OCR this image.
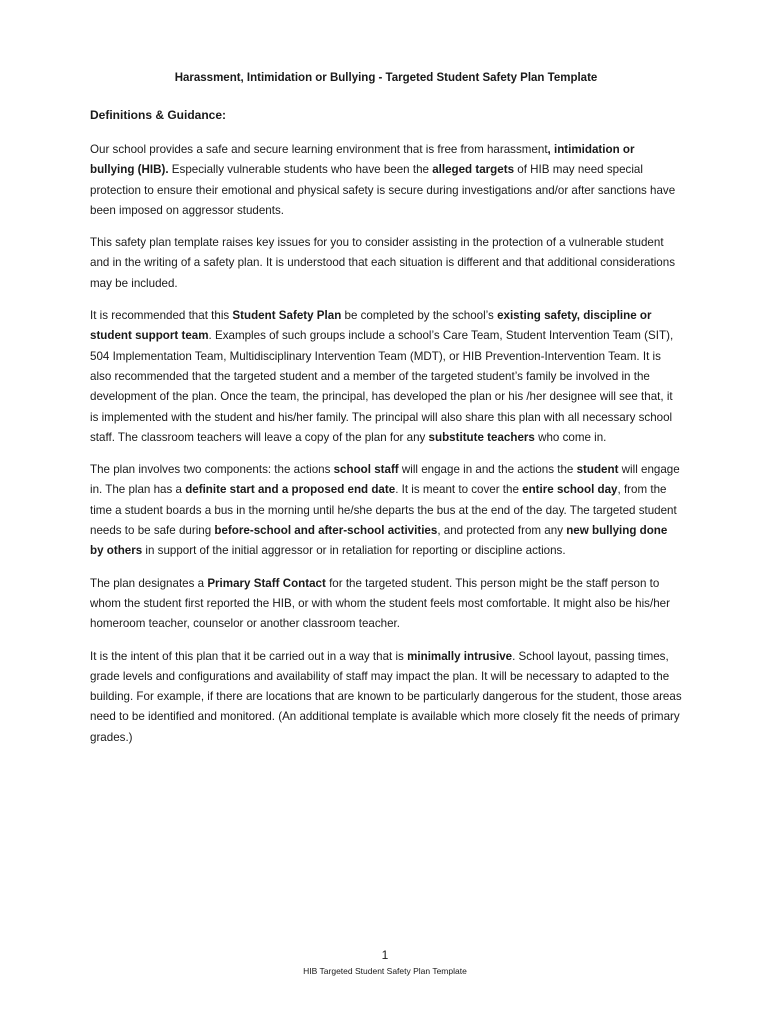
Harassment, Intimidation or Bullying - Targeted Student Safety Plan Template
Definitions & Guidance:

Our school provides a safe and secure learning environment that is free from harassment, intimidation or bullying (HIB). Especially vulnerable students who have been the alleged targets of HIB may need special protection to ensure their emotional and physical safety is secure during investigations and/or after sanctions have been imposed on aggressor students.

This safety plan template raises key issues for you to consider assisting in the protection of a vulnerable student and in the writing of a safety plan. It is understood that each situation is different and that additional considerations may be included.

It is recommended that this Student Safety Plan be completed by the school’s existing safety, discipline or student support team. Examples of such groups include a school’s Care Team, Student Intervention Team (SIT), 504 Implementation Team, Multidisciplinary Intervention Team (MDT), or HIB Prevention-Intervention Team. It is also recommended that the targeted student and a member of the targeted student’s family be involved in the development of the plan. Once the team, the principal, has developed the plan or his /her designee will see that, it is implemented with the student and his/her family. The principal will also share this plan with all necessary school staff. The classroom teachers will leave a copy of the plan for any substitute teachers who come in.

The plan involves two components: the actions school staff will engage in and the actions the student will engage in. The plan has a definite start and a proposed end date. It is meant to cover the entire school day, from the time a student boards a bus in the morning until he/she departs the bus at the end of the day. The targeted student needs to be safe during before-school and after-school activities, and protected from any new bullying done by others in support of the initial aggressor or in retaliation for reporting or discipline actions.

The plan designates a Primary Staff Contact for the targeted student. This person might be the staff person to whom the student first reported the HIB, or with whom the student feels most comfortable. It might also be his/her homeroom teacher, counselor or another classroom teacher.

It is the intent of this plan that it be carried out in a way that is minimally intrusive. School layout, passing times, grade levels and configurations and availability of staff may impact the plan. It will be necessary to adapted to the building. For example, if there are locations that are known to be particularly dangerous for the student, those areas need to be identified and monitored. (An additional template is available which more closely fit the needs of primary grades.)

1
HIB Targeted Student Safety Plan Template
